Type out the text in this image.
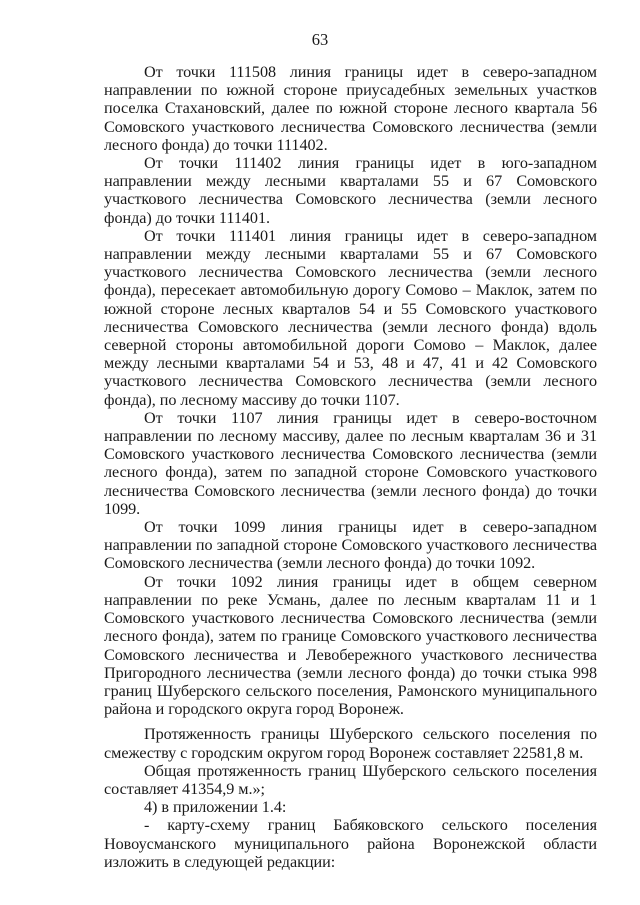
63

От точки 111508 линия границы идет в северо-западном направлении по южной стороне приусадебных земельных участков поселка Стахановский, далее по южной стороне лесного квартала 56 Сомовского участкового лесничества Сомовского лесничества (земли лесного фонда) до точки 111402.

От точки 111402 линия границы идет в юго-западном направлении между лесными кварталами 55 и 67 Сомовского участкового лесничества Сомовского лесничества (земли лесного фонда) до точки 111401.

От точки 111401 линия границы идет в северо-западном направлении между лесными кварталами 55 и 67 Сомовского участкового лесничества Сомовского лесничества (земли лесного фонда), пересекает автомобильную дорогу Сомово – Маклок, затем по южной стороне лесных кварталов 54 и 55 Сомовского участкового лесничества Сомовского лесничества (земли лесного фонда) вдоль северной стороны автомобильной дороги Сомово – Маклок, далее между лесными кварталами 54 и 53, 48 и 47, 41 и 42 Сомовского участкового лесничества Сомовского лесничества (земли лесного фонда), по лесному массиву до точки 1107.

От точки 1107 линия границы идет в северо-восточном направлении по лесному массиву, далее по лесным кварталам 36 и 31 Сомовского участкового лесничества Сомовского лесничества (земли лесного фонда), затем по западной стороне Сомовского участкового лесничества Сомовского лесничества (земли лесного фонда) до точки 1099.

От точки 1099 линия границы идет в северо-западном направлении по западной стороне Сомовского участкового лесничества Сомовского лесничества (земли лесного фонда) до точки 1092.

От точки 1092 линия границы идет в общем северном направлении по реке Усмань, далее по лесным кварталам 11 и 1 Сомовского участкового лесничества Сомовского лесничества (земли лесного фонда), затем по границе Сомовского участкового лесничества Сомовского лесничества и Левобережного участкового лесничества Пригородного лесничества (земли лесного фонда) до точки стыка 998 границ Шуберского сельского поселения, Рамонского муниципального района и городского округа город Воронеж.

Протяженность границы Шуберского сельского поселения по смежеству с городским округом город Воронеж составляет 22581,8 м.

Общая протяженность границ Шуберского сельского поселения составляет 41354,9 м.»;

4) в приложении 1.4:

- карту-схему границ Бабяковского сельского поселения Новоусманского муниципального района Воронежской области изложить в следующей редакции:
